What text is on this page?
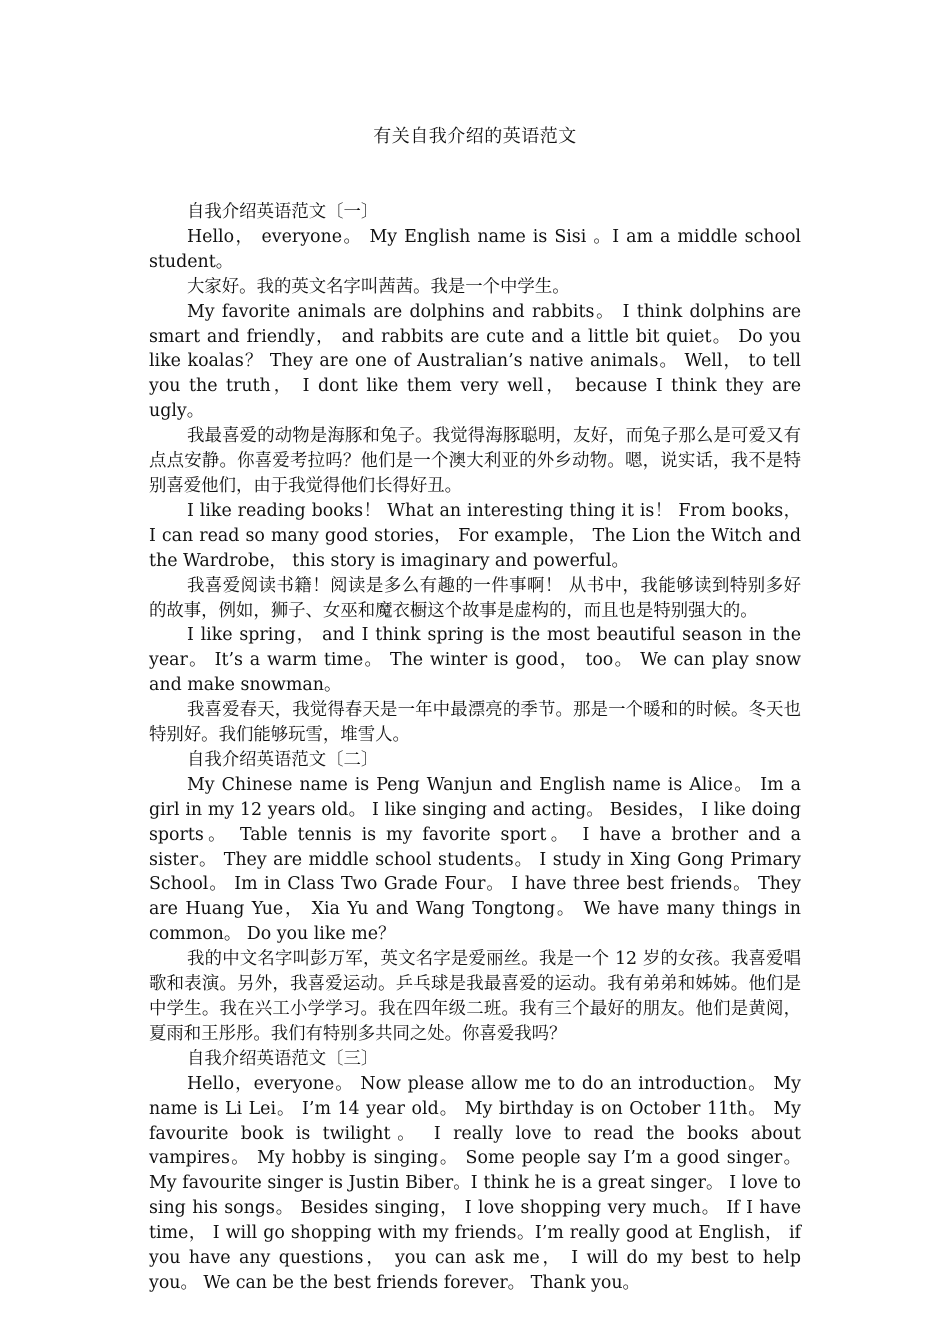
有关自我介绍的英语范文

自我介绍英语范文〔一〕

Hello， everyone。 My English name is Sisi 。I am a middle school student。

大家好。我的英文名字叫茜茜。我是一个中学生。

My favorite animals are dolphins and rabbits。 I think dolphins are smart and friendly， and rabbits are cute and a little bit quiet。 Do you like koalas？ They are one of Australian’s native animals。 Well， to tell you the truth， I dont like them very well， because I think they are ugly。

我最喜爱的动物是海豚和兔子。我觉得海豚聪明，友好，而兔子那么是可爱又有点点安静。你喜爱考拉吗？他们是一个澳大利亚的外乡动物。嗯，说实话，我不是特别喜爱他们，由于我觉得他们长得好丑。

I like reading books！ What an interesting thing it is！ From books， I can read so many good stories， For example， The Lion the Witch and the Wardrobe， this story is imaginary and powerful。

我喜爱阅读书籍！阅读是多么有趣的一件事啊！ 从书中，我能够读到特别多好的故事，例如，狮子、女巫和魔衣橱这个故事是虚构的，而且也是特别强大的。

I like spring， and I think spring is the most beautiful season in the year。 It’s a warm time。 The winter is good， too。 We can play snow and make snowman。

我喜爱春天，我觉得春天是一年中最漂亮的季节。那是一个暖和的时候。冬天也特别好。我们能够玩雪，堆雪人。

自我介绍英语范文〔二〕

My Chinese name is Peng Wanjun and English name is Alice。 Im a girl in my 12 years old。 I like singing and acting。 Besides， I like doing sports。 Table tennis is my favorite sport。 I have a brother and a sister。 They are middle school students。 I study in Xing Gong Primary School。 Im in Class Two Grade Four。 I have three best friends。 They are Huang Yue， Xia Yu and Wang Tongtong。 We have many things in common。 Do you like me？

我的中文名字叫彭万军，英文名字是爱丽丝。我是一个 12 岁的女孩。我喜爱唱歌和表演。另外，我喜爱运动。乒乓球是我最喜爱的运动。我有弟弟和姊姊。他们是中学生。我在兴工小学学习。我在四年级二班。我有三个最好的朋友。他们是黄阅，夏雨和王彤彤。我们有特别多共同之处。你喜爱我吗？

自我介绍英语范文〔三〕

Hello，everyone。 Now please allow me to do an introduction。 My name is Li Lei。 I’m 14 year old。 My birthday is on October 11th。 My favourite book is twilight。 I really love to read the books about vampires。 My hobby is singing。 Some people say I’m a good singer。My favourite singer is Justin Biber。I think he is a great singer。 I love to sing his songs。 Besides singing， I love shopping very much。 If I have time， I will go shopping with my friends。I’m really good at English， if you have any questions， you can ask me， I will do my best to help you。 We can be the best friends forever。 Thank you。
